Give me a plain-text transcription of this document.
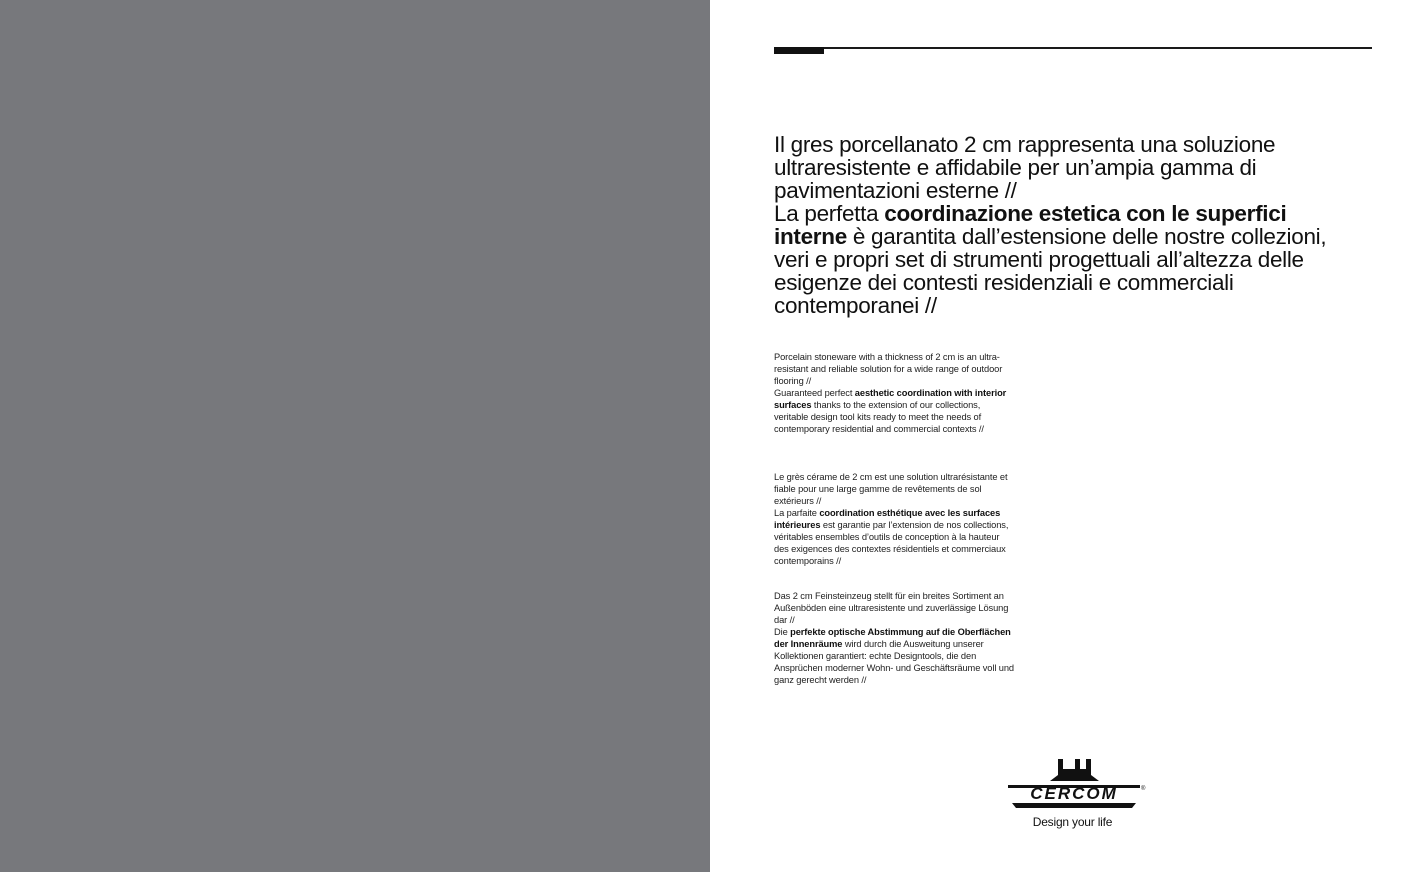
Il gres porcellanato 2 cm rappresenta una soluzione ultraresistente e affidabile per un’ampia gamma di pavimentazioni esterne //

La perfetta coordinazione estetica con le superfici interne è garantita dall’estensione delle nostre collezioni, veri e propri set di strumenti progettuali all’altezza delle esigenze dei contesti residenziali e commerciali contemporanei //

Porcelain stoneware with a thickness of 2 cm is an ultra-resistant and reliable solution for a wide range of outdoor flooring //

Guaranteed perfect aesthetic coordination with interior surfaces thanks to the extension of our collections, veritable design tool kits ready to meet the needs of contemporary residential and commercial contexts //

Le grès cérame de 2 cm est une solution ultrarésistante et fiable pour une large gamme de revêtements de sol extérieurs //

La parfaite coordination esthétique avec les surfaces intérieures est garantie par l’extension de nos collections, véritables ensembles d’outils de conception à la hauteur des exigences des contextes résidentiels et commerciaux contemporains //

Das 2 cm Feinsteinzeug stellt für ein breites Sortiment an Außenböden eine ultraresistente und zuverlässige Lösung dar //

Die perfekte optische Abstimmung auf die Oberflächen der Innenräume wird durch die Ausweitung unserer Kollektionen garantiert: echte Designtools, die den Ansprüchen moderner Wohn- und Geschäftsräume voll und ganz gerecht werden //

CERCOM	®
Design your life
